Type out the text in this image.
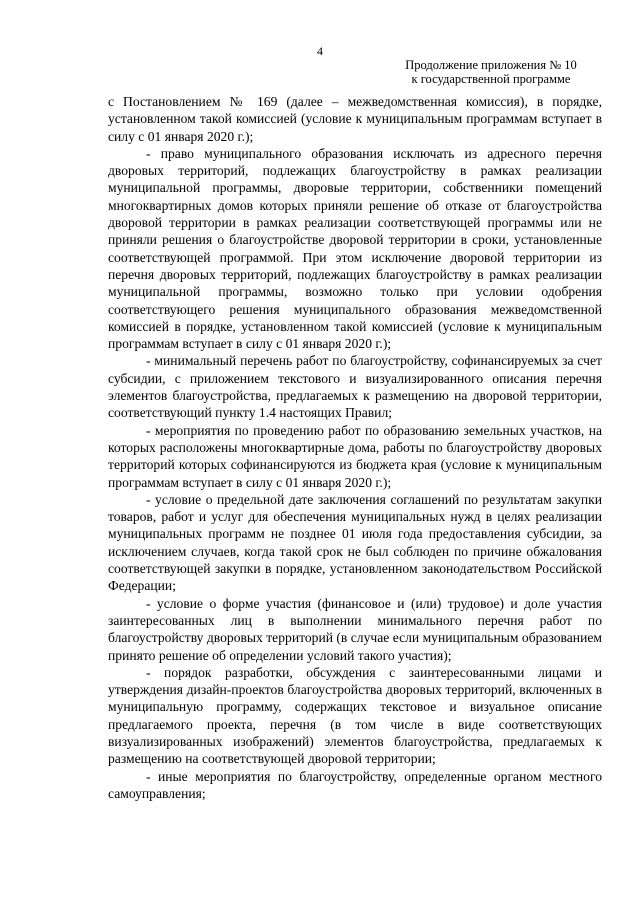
4
Продолжение приложения № 10
к государственной программе

с Постановлением № 169 (далее – межведомственная комиссия), в порядке, установленном такой комиссией (условие к муниципальным программам вступает в силу с 01 января 2020 г.);

- право муниципального образования исключать из адресного перечня дворовых территорий, подлежащих благоустройству в рамках реализации муниципальной программы, дворовые территории, собственники помещений многоквартирных домов которых приняли решение об отказе от благоустройства дворовой территории в рамках реализации соответствующей программы или не приняли решения о благоустройстве дворовой территории в сроки, установленные соответствующей программой. При этом исключение дворовой территории из перечня дворовых территорий, подлежащих благоустройству в рамках реализации муниципальной программы, возможно только при условии одобрения соответствующего решения муниципального образования межведомственной комиссией в порядке, установленном такой комиссией (условие к муниципальным программам вступает в силу с 01 января 2020 г.);

- минимальный перечень работ по благоустройству, софинансируемых за счет субсидии, с приложением текстового и визуализированного описания перечня элементов благоустройства, предлагаемых к размещению на дворовой территории, соответствующий пункту 1.4 настоящих Правил;

- мероприятия по проведению работ по образованию земельных участков, на которых расположены многоквартирные дома, работы по благоустройству дворовых территорий которых софинансируются из бюджета края (условие к муниципальным программам вступает в силу с 01 января 2020 г.);

- условие о предельной дате заключения соглашений по результатам закупки товаров, работ и услуг для обеспечения муниципальных нужд в целях реализации муниципальных программ не позднее 01 июля года предоставления субсидии, за исключением случаев, когда такой срок не был соблюден по причине обжалования соответствующей закупки в порядке, установленном законодательством Российской Федерации;

- условие о форме участия (финансовое и (или) трудовое) и доле участия заинтересованных лиц в выполнении минимального перечня работ по благоустройству дворовых территорий (в случае если муниципальным образованием принято решение об определении условий такого участия);

- порядок разработки, обсуждения с заинтересованными лицами и утверждения дизайн-проектов благоустройства дворовых территорий, включенных в муниципальную программу, содержащих текстовое и визуальное описание предлагаемого проекта, перечня (в том числе в виде соответствующих визуализированных изображений) элементов благоустройства, предлагаемых к размещению на соответствующей дворовой территории;

- иные мероприятия по благоустройству, определенные органом местного самоуправления;
